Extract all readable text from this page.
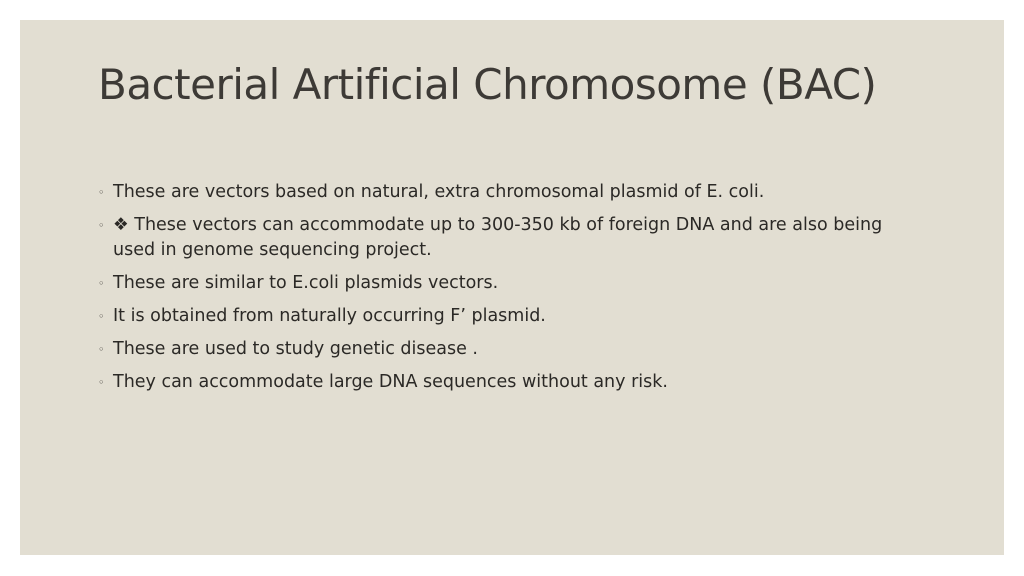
Bacterial Artificial Chromosome (BAC)
◦ These are vectors based on natural, extra chromosomal plasmid of E. coli.
◦ ❖ These vectors can accommodate up to 300-350 kb of foreign DNA and are also being used in genome sequencing project.
◦ These are similar to E.coli plasmids vectors.
◦ It is obtained from naturally occurring F’ plasmid.
◦ These are used to study genetic disease .
◦ They can accommodate large DNA sequences without any risk.
